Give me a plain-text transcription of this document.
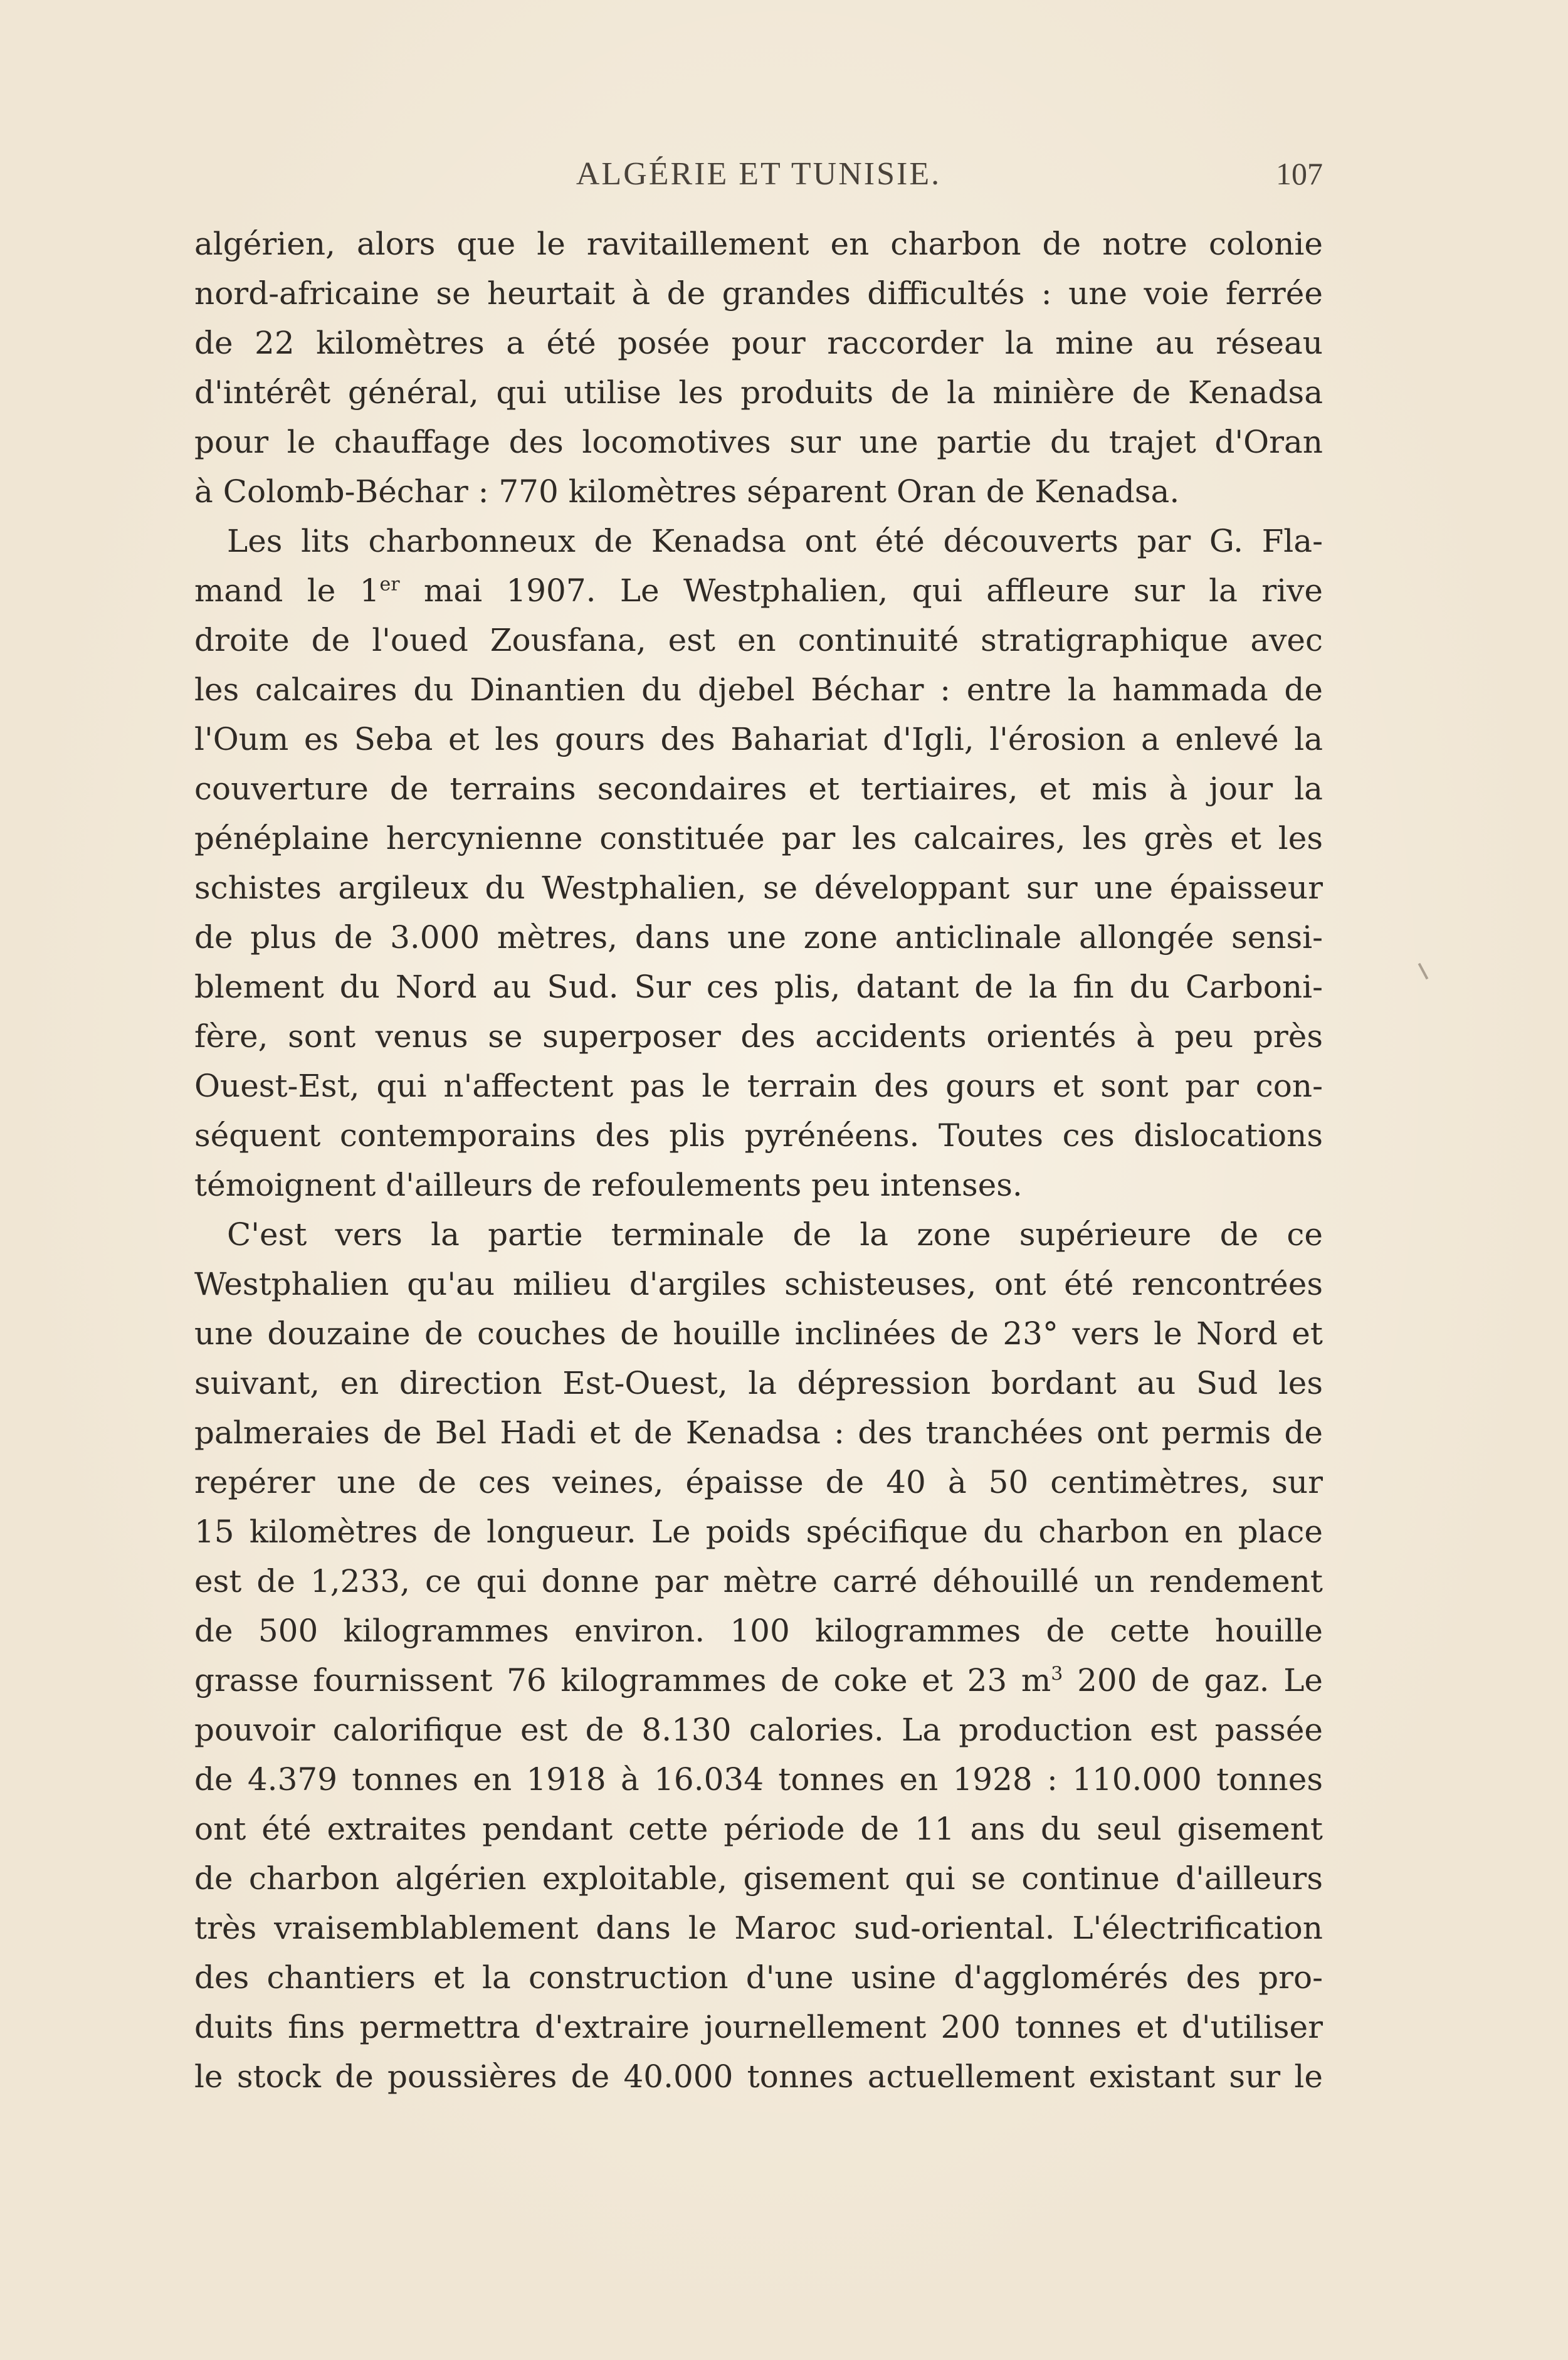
ALGÉRIE ET TUNISIE.	107
algérien, alors que le ravitaillement en charbon de notre colonie
nord-africaine se heurtait à de grandes difficultés : une voie ferrée
de 22 kilomètres a été posée pour raccorder la mine au réseau
d'intérêt général, qui utilise les produits de la minière de Kenadsa
pour le chauffage des locomotives sur une partie du trajet d'Oran
à Colomb-Béchar : 770 kilomètres séparent Oran de Kenadsa.
Les lits charbonneux de Kenadsa ont été découverts par G. Fla-
mand le 1er mai 1907. Le Westphalien, qui affleure sur la rive
droite de l'oued Zousfana, est en continuité stratigraphique avec
les calcaires du Dinantien du djebel Béchar : entre la hammada de
l'Oum es Seba et les gours des Bahariat d'Igli, l'érosion a enlevé la
couverture de terrains secondaires et tertiaires, et mis à jour la
pénéplaine hercynienne constituée par les calcaires, les grès et les
schistes argileux du Westphalien, se développant sur une épaisseur
de plus de 3.000 mètres, dans une zone anticlinale allongée sensi-
blement du Nord au Sud. Sur ces plis, datant de la fin du Carboni-
fère, sont venus se superposer des accidents orientés à peu près
Ouest-Est, qui n'affectent pas le terrain des gours et sont par con-
séquent contemporains des plis pyrénéens. Toutes ces dislocations
témoignent d'ailleurs de refoulements peu intenses.
C'est vers la partie terminale de la zone supérieure de ce
Westphalien qu'au milieu d'argiles schisteuses, ont été rencontrées
une douzaine de couches de houille inclinées de 23° vers le Nord et
suivant, en direction Est-Ouest, la dépression bordant au Sud les
palmeraies de Bel Hadi et de Kenadsa : des tranchées ont permis de
repérer une de ces veines, épaisse de 40 à 50 centimètres, sur
15 kilomètres de longueur. Le poids spécifique du charbon en place
est de 1,233, ce qui donne par mètre carré déhouillé un rendement
de 500 kilogrammes environ. 100 kilogrammes de cette houille
grasse fournissent 76 kilogrammes de coke et 23 $m^3$ 200 de gaz. Le
pouvoir calorifique est de 8.130 calories. La production est passée
de 4.379 tonnes en 1918 à 16.034 tonnes en 1928 : 110.000 tonnes
ont été extraites pendant cette période de 11 ans du seul gisement
de charbon algérien exploitable, gisement qui se continue d'ailleurs
très vraisemblablement dans le Maroc sud-oriental. L'électrification
des chantiers et la construction d'une usine d'agglomérés des pro-
duits fins permettra d'extraire journellement 200 tonnes et d'utiliser
le stock de poussières de 40.000 tonnes actuellement existant sur le
